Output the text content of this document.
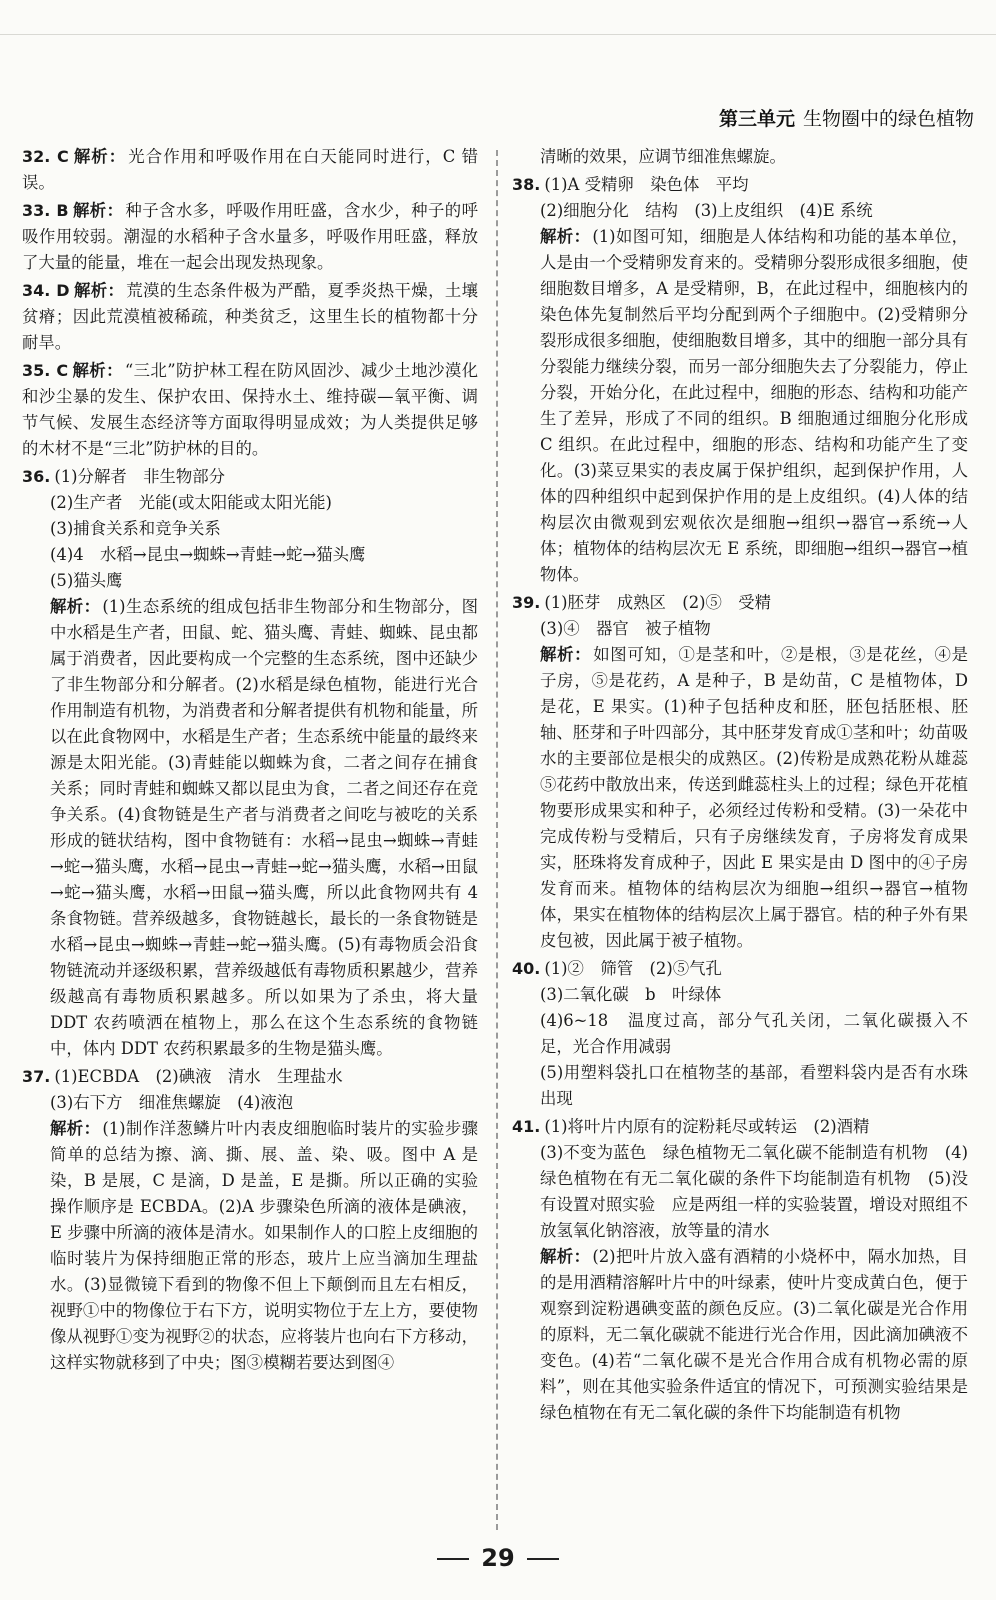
第三单元 生物圈中的绿色植物

32. C 解析： 光合作用和呼吸作用在白天能同时进行，C 错误。

33. B 解析： 种子含水多，呼吸作用旺盛，含水少，种子的呼吸作用较弱。潮湿的水稻种子含水量多，呼吸作用旺盛，释放了大量的能量，堆在一起会出现发热现象。

34. D 解析： 荒漠的生态条件极为严酷，夏季炎热干燥，土壤贫瘠；因此荒漠植被稀疏，种类贫乏，这里生长的植物都十分耐旱。

35. C 解析： “三北”防护林工程在防风固沙、减少土地沙漠化和沙尘暴的发生、保护农田、保持水土、维持碳—氧平衡、调节气候、发展生态经济等方面取得明显成效；为人类提供足够的木材不是“三北”防护林的目的。

36. (1)分解者　非生物部分

(2)生产者　光能(或太阳能或太阳光能)

(3)捕食关系和竞争关系

(4)4　水稻→昆虫→蜘蛛→青蛙→蛇→猫头鹰

(5)猫头鹰

解析： (1)生态系统的组成包括非生物部分和生物部分，图中水稻是生产者，田鼠、蛇、猫头鹰、青蛙、蜘蛛、昆虫都属于消费者，因此要构成一个完整的生态系统，图中还缺少了非生物部分和分解者。(2)水稻是绿色植物，能进行光合作用制造有机物，为消费者和分解者提供有机物和能量，所以在此食物网中，水稻是生产者；生态系统中能量的最终来源是太阳光能。(3)青蛙能以蜘蛛为食，二者之间存在捕食关系；同时青蛙和蜘蛛又都以昆虫为食，二者之间还存在竞争关系。(4)食物链是生产者与消费者之间吃与被吃的关系形成的链状结构，图中食物链有：水稻→昆虫→蜘蛛→青蛙→蛇→猫头鹰，水稻→昆虫→青蛙→蛇→猫头鹰，水稻→田鼠→蛇→猫头鹰，水稻→田鼠→猫头鹰，所以此食物网共有 4 条食物链。营养级越多，食物链越长，最长的一条食物链是水稻→昆虫→蜘蛛→青蛙→蛇→猫头鹰。(5)有毒物质会沿食物链流动并逐级积累，营养级越低有毒物质积累越少，营养级越高有毒物质积累越多。所以如果为了杀虫，将大量 DDT 农药喷洒在植物上，那么在这个生态系统的食物链中，体内 DDT 农药积累最多的生物是猫头鹰。

37. (1)ECBDA　(2)碘液　清水　生理盐水

(3)右下方　细准焦螺旋　(4)液泡

解析： (1)制作洋葱鳞片叶内表皮细胞临时装片的实验步骤简单的总结为擦、滴、撕、展、盖、染、吸。图中 A 是染，B 是展，C 是滴，D 是盖，E 是撕。所以正确的实验操作顺序是 ECBDA。(2)A 步骤染色所滴的液体是碘液，E 步骤中所滴的液体是清水。如果制作人的口腔上皮细胞的临时装片为保持细胞正常的形态，玻片上应当滴加生理盐水。(3)显微镜下看到的物像不但上下颠倒而且左右相反，视野①中的物像位于右下方，说明实物位于左上方，要使物像从视野①变为视野②的状态，应将装片也向右下方移动，这样实物就移到了中央；图③模糊若要达到图④

清晰的效果，应调节细准焦螺旋。

38. (1)A 受精卵　染色体　平均

(2)细胞分化　结构　(3)上皮组织　(4)E 系统

解析： (1)如图可知，细胞是人体结构和功能的基本单位，人是由一个受精卵发育来的。受精卵分裂形成很多细胞，使细胞数目增多，A 是受精卵，B，在此过程中，细胞核内的染色体先复制然后平均分配到两个子细胞中。(2)受精卵分裂形成很多细胞，使细胞数目增多，其中的细胞一部分具有分裂能力继续分裂，而另一部分细胞失去了分裂能力，停止分裂，开始分化，在此过程中，细胞的形态、结构和功能产生了差异，形成了不同的组织。B 细胞通过细胞分化形成 C 组织。在此过程中，细胞的形态、结构和功能产生了变化。(3)菜豆果实的表皮属于保护组织，起到保护作用，人体的四种组织中起到保护作用的是上皮组织。(4)人体的结构层次由微观到宏观依次是细胞→组织→器官→系统→人体；植物体的结构层次无 E 系统，即细胞→组织→器官→植物体。

39. (1)胚芽　成熟区　(2)⑤　受精

(3)④　器官　被子植物

解析： 如图可知，①是茎和叶，②是根，③是花丝，④是子房，⑤是花药，A 是种子，B 是幼苗，C 是植物体，D 是花，E 果实。(1)种子包括种皮和胚，胚包括胚根、胚轴、胚芽和子叶四部分，其中胚芽发育成①茎和叶；幼苗吸水的主要部位是根尖的成熟区。(2)传粉是成熟花粉从雄蕊⑤花药中散放出来，传送到雌蕊柱头上的过程；绿色开花植物要形成果实和种子，必须经过传粉和受精。(3)一朵花中完成传粉与受精后，只有子房继续发育，子房将发育成果实，胚珠将发育成种子，因此 E 果实是由 D 图中的④子房发育而来。植物体的结构层次为细胞→组织→器官→植物体，果实在植物体的结构层次上属于器官。桔的种子外有果皮包被，因此属于被子植物。

40. (1)②　筛管　(2)⑤气孔

(3)二氧化碳　b　叶绿体

(4)6~18　温度过高，部分气孔关闭，二氧化碳摄入不足，光合作用减弱

(5)用塑料袋扎口在植物茎的基部，看塑料袋内是否有水珠出现

41. (1)将叶片内原有的淀粉耗尽或转运　(2)酒精

(3)不变为蓝色　绿色植物无二氧化碳不能制造有机物　(4)绿色植物在有无二氧化碳的条件下均能制造有机物　(5)没有设置对照实验　应是两组一样的实验装置，增设对照组不放氢氧化钠溶液，放等量的清水

解析： (2)把叶片放入盛有酒精的小烧杯中，隔水加热，目的是用酒精溶解叶片中的叶绿素，使叶片变成黄白色，便于观察到淀粉遇碘变蓝的颜色反应。(3)二氧化碳是光合作用的原料，无二氧化碳就不能进行光合作用，因此滴加碘液不变色。(4)若“二氧化碳不是光合作用合成有机物必需的原料”，则在其他实验条件适宜的情况下，可预测实验结果是绿色植物在有无二氧化碳的条件下均能制造有机物

29
